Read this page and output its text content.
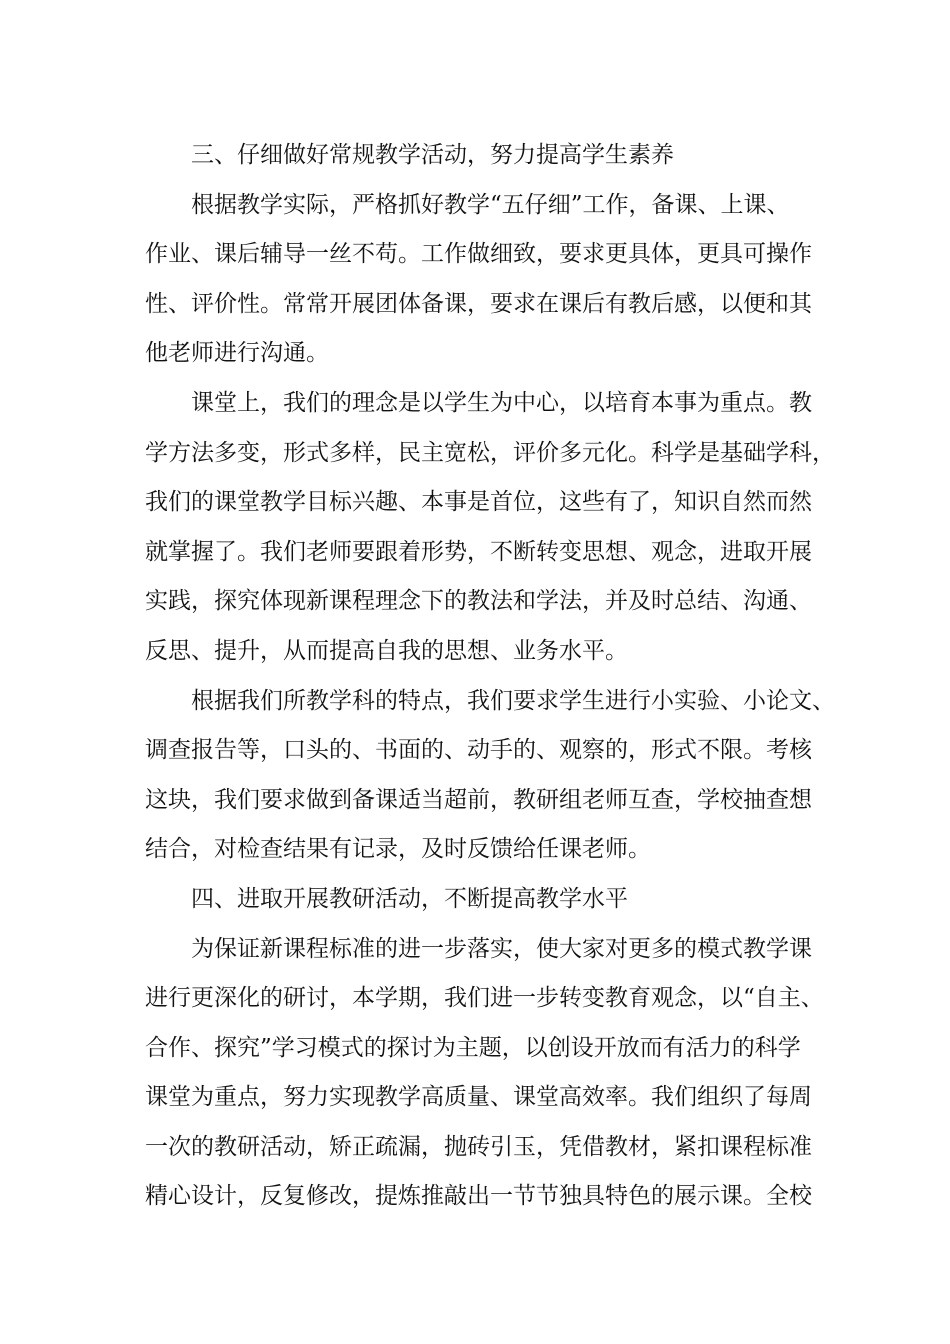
三、仔细做好常规教学活动，努力提高学生素养

根据教学实际，严格抓好教学“五仔细”工作，备课、上课、
作业、课后辅导一丝不苟。工作做细致，要求更具体，更具可操作
性、评价性。常常开展团体备课，要求在课后有教后感，以便和其
他老师进行沟通。

课堂上，我们的理念是以学生为中心，以培育本事为重点。教
学方法多变，形式多样，民主宽松，评价多元化。科学是基础学科，
我们的课堂教学目标兴趣、本事是首位，这些有了，知识自然而然
就掌握了。我们老师要跟着形势，不断转变思想、观念，进取开展
实践，探究体现新课程理念下的教法和学法，并及时总结、沟通、
反思、提升，从而提高自我的思想、业务水平。

根据我们所教学科的特点，我们要求学生进行小实验、小论文、
调查报告等，口头的、书面的、动手的、观察的，形式不限。考核
这块，我们要求做到备课适当超前，教研组老师互查，学校抽查想
结合，对检查结果有记录，及时反馈给任课老师。

四、进取开展教研活动，不断提高教学水平

为保证新课程标准的进一步落实，使大家对更多的模式教学课
进行更深化的研讨，本学期，我们进一步转变教育观念，以“自主、
合作、探究”学习模式的探讨为主题，以创设开放而有活力的科学
课堂为重点，努力实现教学高质量、课堂高效率。我们组织了每周
一次的教研活动，矫正疏漏，抛砖引玉，凭借教材，紧扣课程标准
精心设计，反复修改，提炼推敲出一节节独具特色的展示课。全校
